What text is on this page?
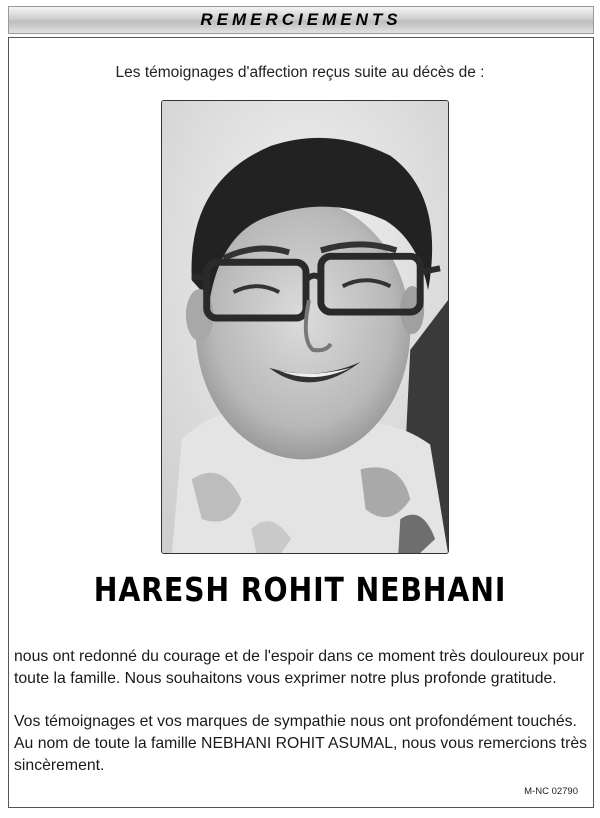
REMERCIEMENTS
Les témoignages d'affection reçus suite au décès de :
HARESH ROHIT NEBHANI
nous ont redonné du courage et de l'espoir dans ce moment très douloureux pour toute la famille. Nous souhaitons vous exprimer notre plus profonde gratitude.
Vos témoignages et vos marques de sympathie nous ont profondément touchés. Au nom de toute la famille NEBHANI ROHIT ASUMAL, nous vous remercions très sincèrement.
M-NC 02790
